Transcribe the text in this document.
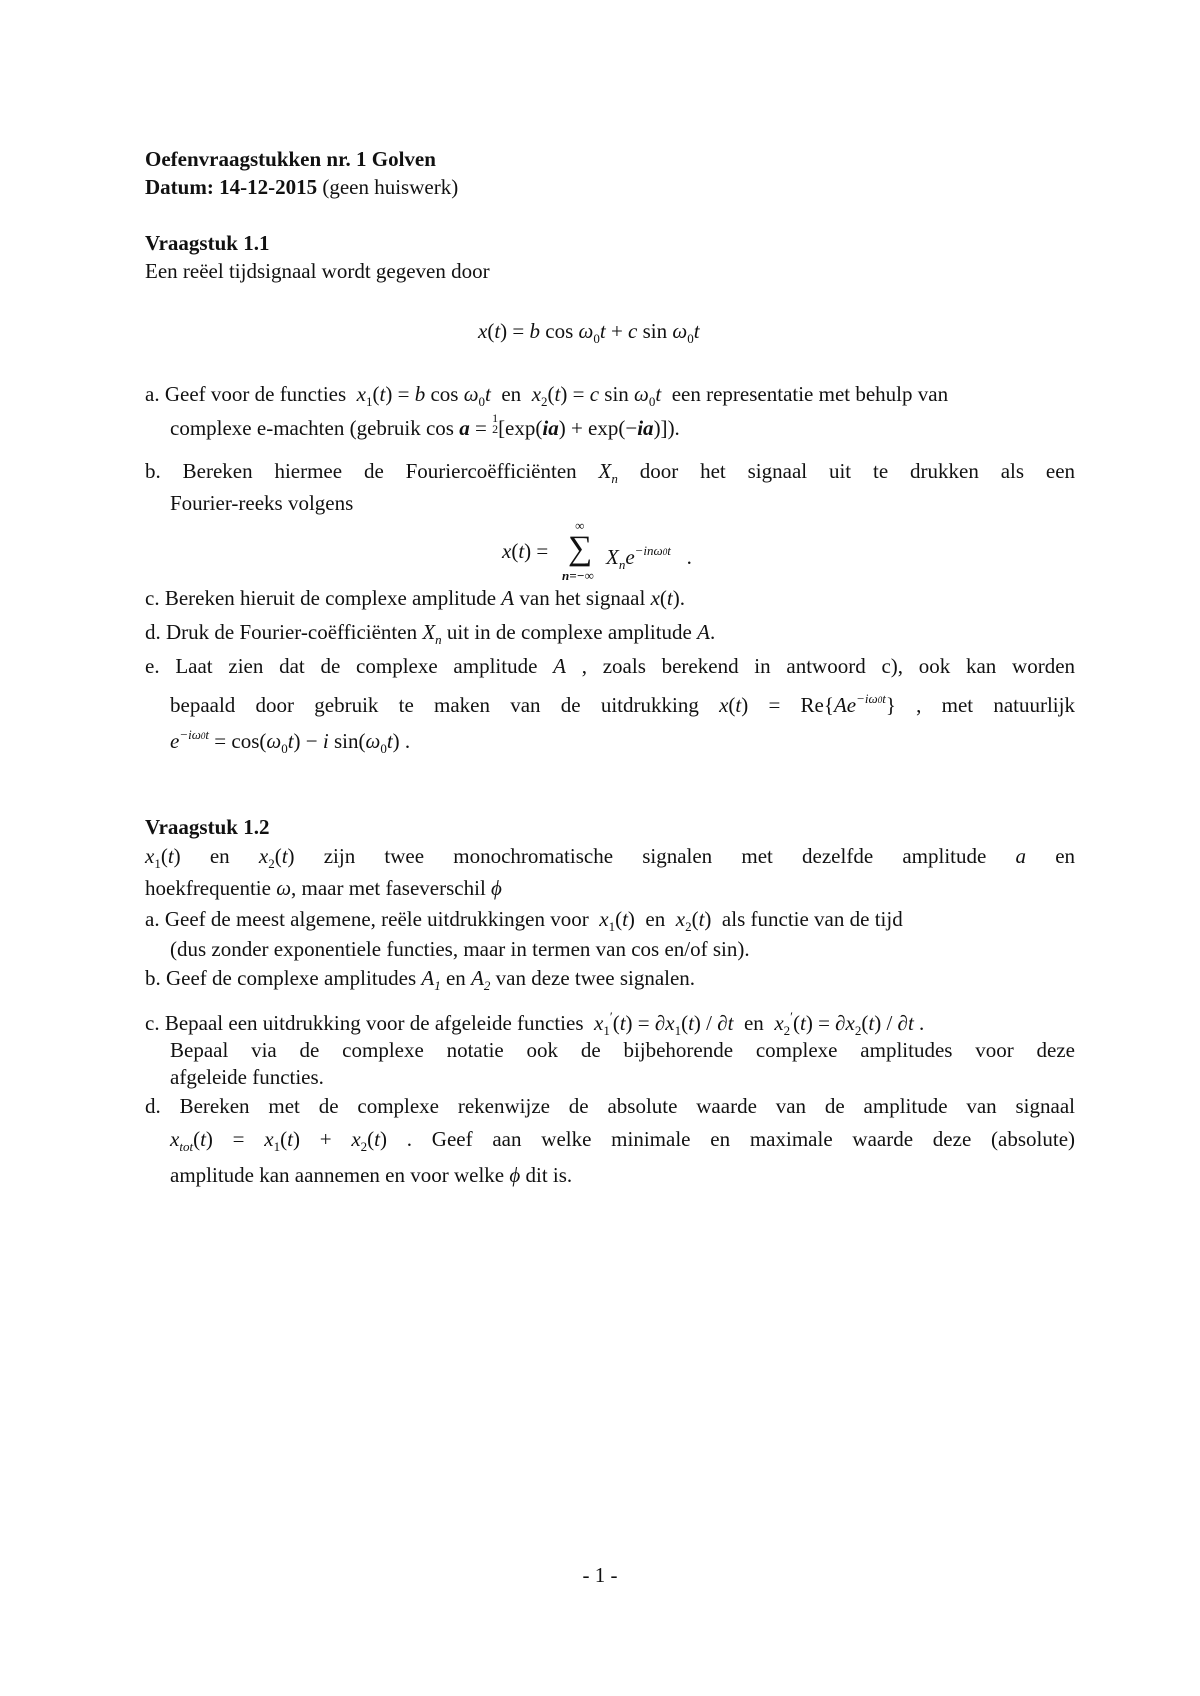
Oefenvraagstukken nr. 1 Golven
Datum: 14-12-2015 (geen huiswerk)
Vraagstuk 1.1
Een reëel tijdsignaal wordt gegeven door
x(t) = b $\cos \omega_0t + c$ $\sin \omega_0t$
a. Geef voor de functies $x_1(t) = b$ $\cos \omega_0t$ en $x_2(t) = c$ $\sin \omega_0t$ een representatie met behulp van
complexe e-machten (gebruik cos a = 1
2[exp(ia) + exp(−ia)]).
b. Bereken hiermee de Fouriercoëfficiënten $X_n$ door het signaal uit te drukken als een
Fourier-reeks volgens
x(t) =
∞
∑
n=−∞
$X_ne^{-in\omega 0t}$   .
c. Bereken hieruit de complexe amplitude A van het signaal x(t).
d. Druk de Fourier-coëfficiënten $X_n$ uit in de complexe amplitude A.
e. Laat zien dat de complexe amplitude A , zoals berekend in antwoord c), ook kan worden
bepaald door gebruik te maken van de uitdrukking $x(t) = Re\{Ae^{-i\omega 0t}\}$ , met natuurlijk
$e^{-i\omega 0t} = \cos(\omega_0t) - i$ $\sin(\omega_0t)$ .
Vraagstuk 1.2
$x_1(t)$ en $x_2(t)$ zijn twee monochromatische signalen met dezelfde amplitude a en
hoekfrequentie ω, maar met faseverschil ϕ
a. Geef de meest algemene, reële uitdrukkingen voor $x_1(t)$  en $x_2(t)$  als functie van de tijd
(dus zonder exponentiele functies, maar in termen van cos en/of sin).
b. Geef de complexe amplitudes $A_1$ en $A_2$ van deze twee signalen.
c. Bepaal een uitdrukking voor de afgeleide functies $x_1'(t) = \partial x_1(t) / \partial t$ en $x_2'(t) = \partial x_2(t) / \partial t$ .
Bepaal via de complexe notatie ook de bijbehorende complexe amplitudes voor deze
afgeleide functies.
d. Bereken met de complexe rekenwijze de absolute waarde van de amplitude van signaal
$x_{tot}(t) = x_1(t) + x_2(t)$ . Geef aan welke minimale en maximale waarde deze (absolute)
amplitude kan aannemen en voor welke ϕ dit is.
- 1 -
